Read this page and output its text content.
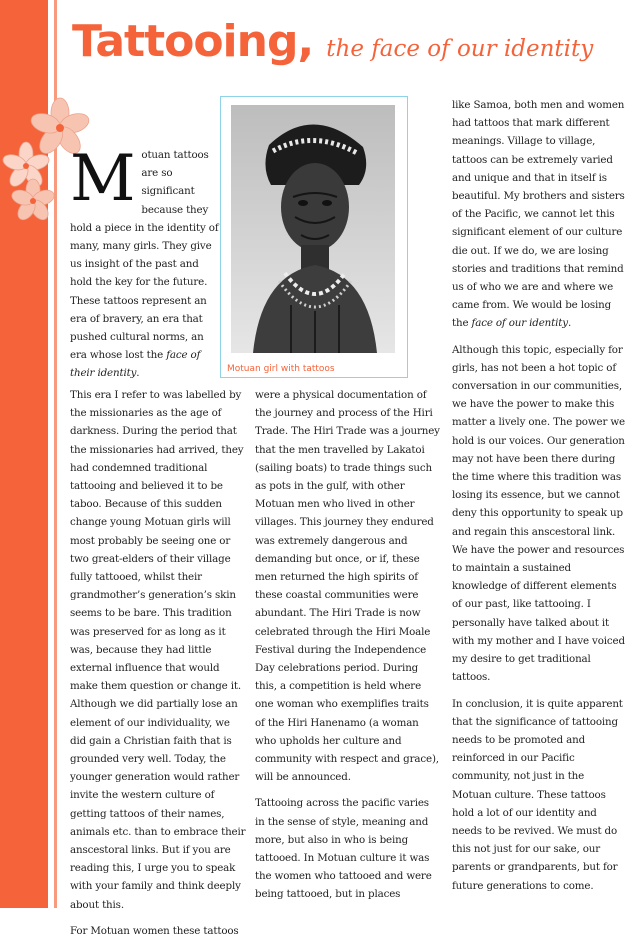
Tattooing, the face of our identity
Motuan girl with tattoos

Motuan tattoos are so significant because they hold a piece in the identity of many, many girls. They give us insight of the past and hold the key for the future. These tattoos represent an era of bravery, an era that pushed cultural norms, an era whose lost the face of their identity.

This era I refer to was labelled by the missionaries as the age of darkness. During the period that the missionaries had arrived, they had condemned traditional tattooing and believed it to be taboo. Because of this sudden change young Motuan girls will most probably be seeing one or two great-elders of their village fully tattooed, whilst their grandmother’s generation’s skin seems to be bare. This tradition was preserved for as long as it was, because they had little external influence that would make them question or change it. Although we did partially lose an element of our individuality, we did gain a Christian faith that is grounded very well. Today, the younger generation would rather invite the western culture of getting tattoos of their names, animals etc. than to embrace their anscestoral links. But if you are reading this, I urge you to speak with your family and think deeply about this.

For Motuan women these tattoos

were a physical documentation of the journey and process of the Hiri Trade. The Hiri Trade was a journey that the men travelled by Lakatoi (sailing boats) to trade things such as pots in the gulf, with other Motuan men who lived in other villages. This journey they endured was extremely dangerous and demanding but once, or if, these men returned the high spirits of these coastal communities were abundant. The Hiri Trade is now celebrated through the Hiri Moale Festival during the Independence Day celebrations period. During this, a competition is held where one woman who exemplifies traits of the Hiri Hanenamo (a woman who upholds her culture and community with respect and grace), will be announced.

Tattooing across the pacific varies in the sense of style, meaning and more, but also in who is being tattooed. In Motuan culture it was the women who tattooed and were being tattooed, but in places

like Samoa, both men and women had tattoos that mark different meanings. Village to village, tattoos can be extremely varied and unique and that in itself is beautiful. My brothers and sisters of the Pacific, we cannot let this significant element of our culture die out. If we do, we are losing stories and traditions that remind us of who we are and where we came from. We would be losing the face of our identity.

Although this topic, especially for girls, has not been a hot topic of conversation in our communities, we have the power to make this matter a lively one. The power we hold is our voices. Our generation may not have been there during the time where this tradition was losing its essence, but we cannot deny this opportunity to speak up and regain this anscestoral link. We have the power and resources to maintain a sustained knowledge of different elements of our past, like tattooing. I personally have talked about it with my mother and I have voiced my desire to get traditional tattoos.

In conclusion, it is quite apparent that the significance of tattooing needs to be promoted and reinforced in our Pacific community, not just in the Motuan culture. These tattoos hold a lot of our identity and needs to be revived. We must do this not just for our sake, our parents or grandparents, but for future generations to come.
